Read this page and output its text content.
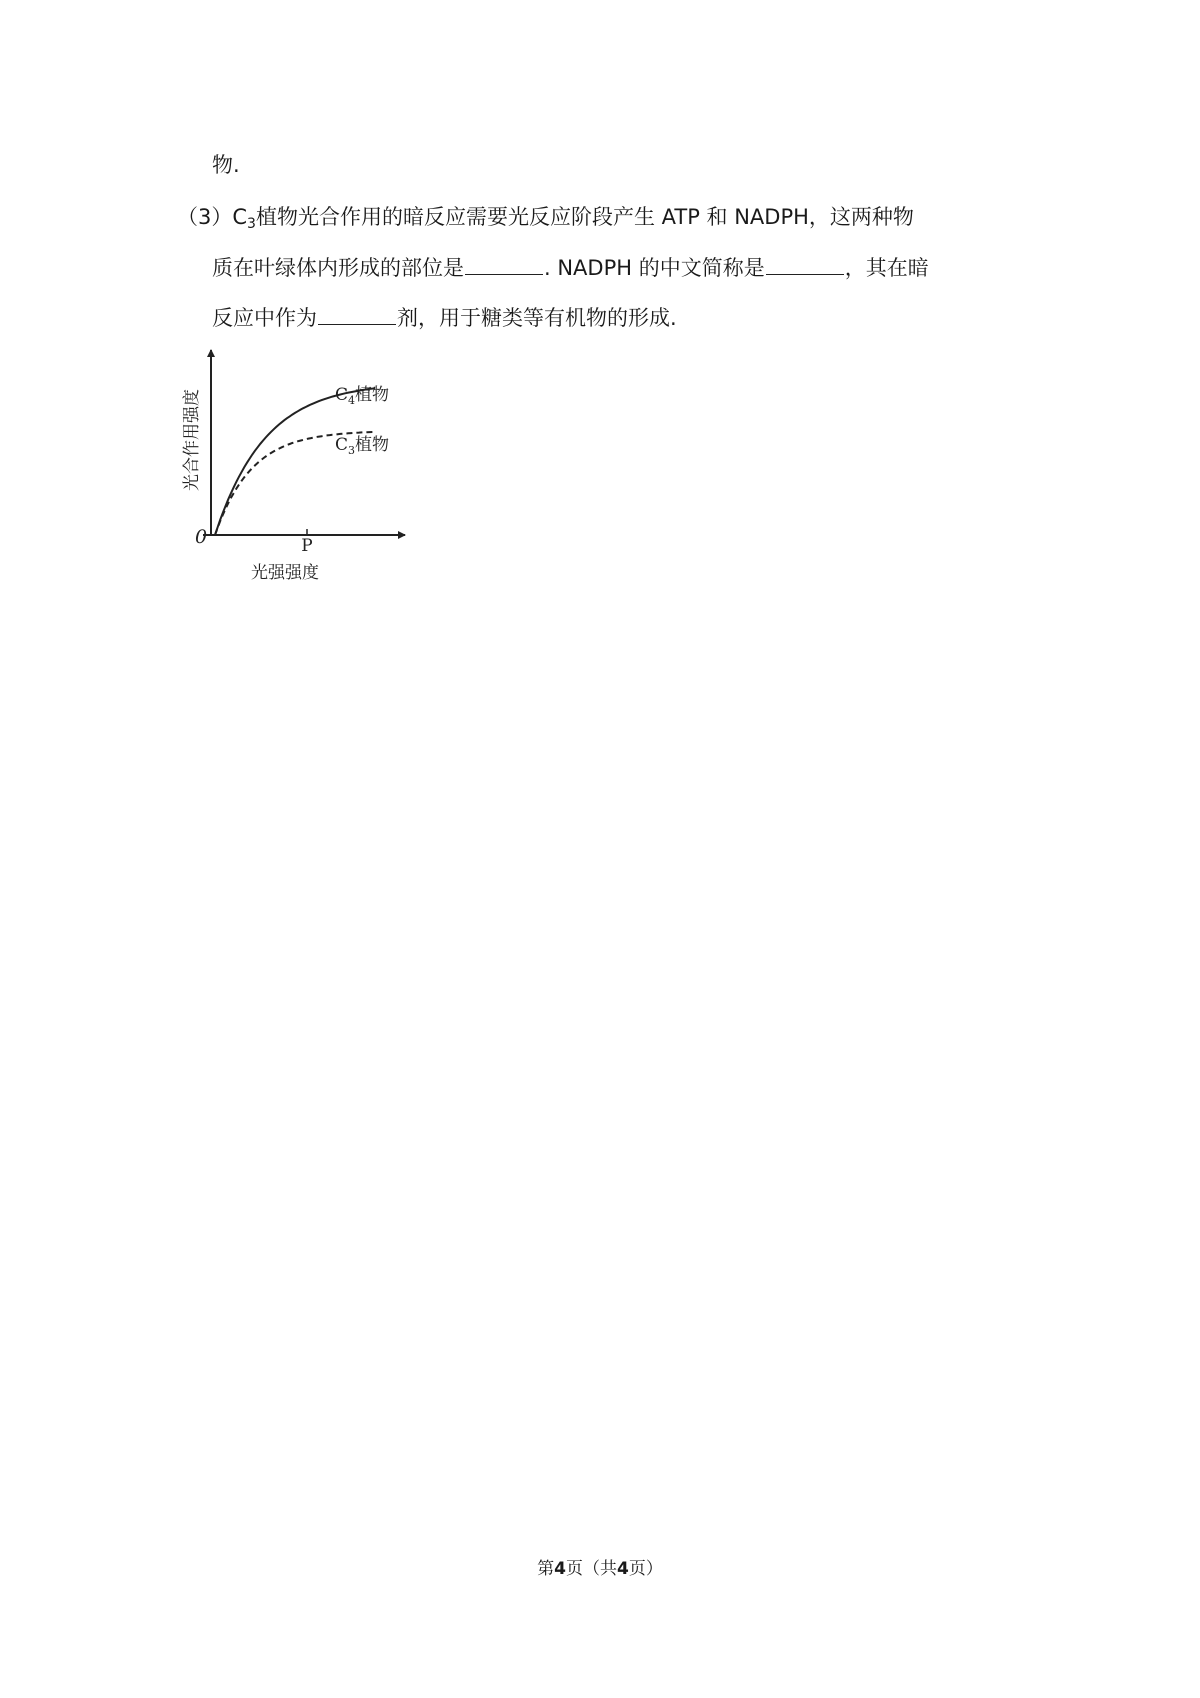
物.
$(3)C_3$植物光合作用的暗反应需要光反应阶段产生 ATP 和 NADPH，这两种物
质在叶绿体内形成的部位是	. NADPH 的中文简称是	，其在暗
反应中作为	剂，用于糖类等有机物的形成.
0	P
光强强度
光合作用强度	$C_4$植物
$C_3$植物
第4页（共4页）
